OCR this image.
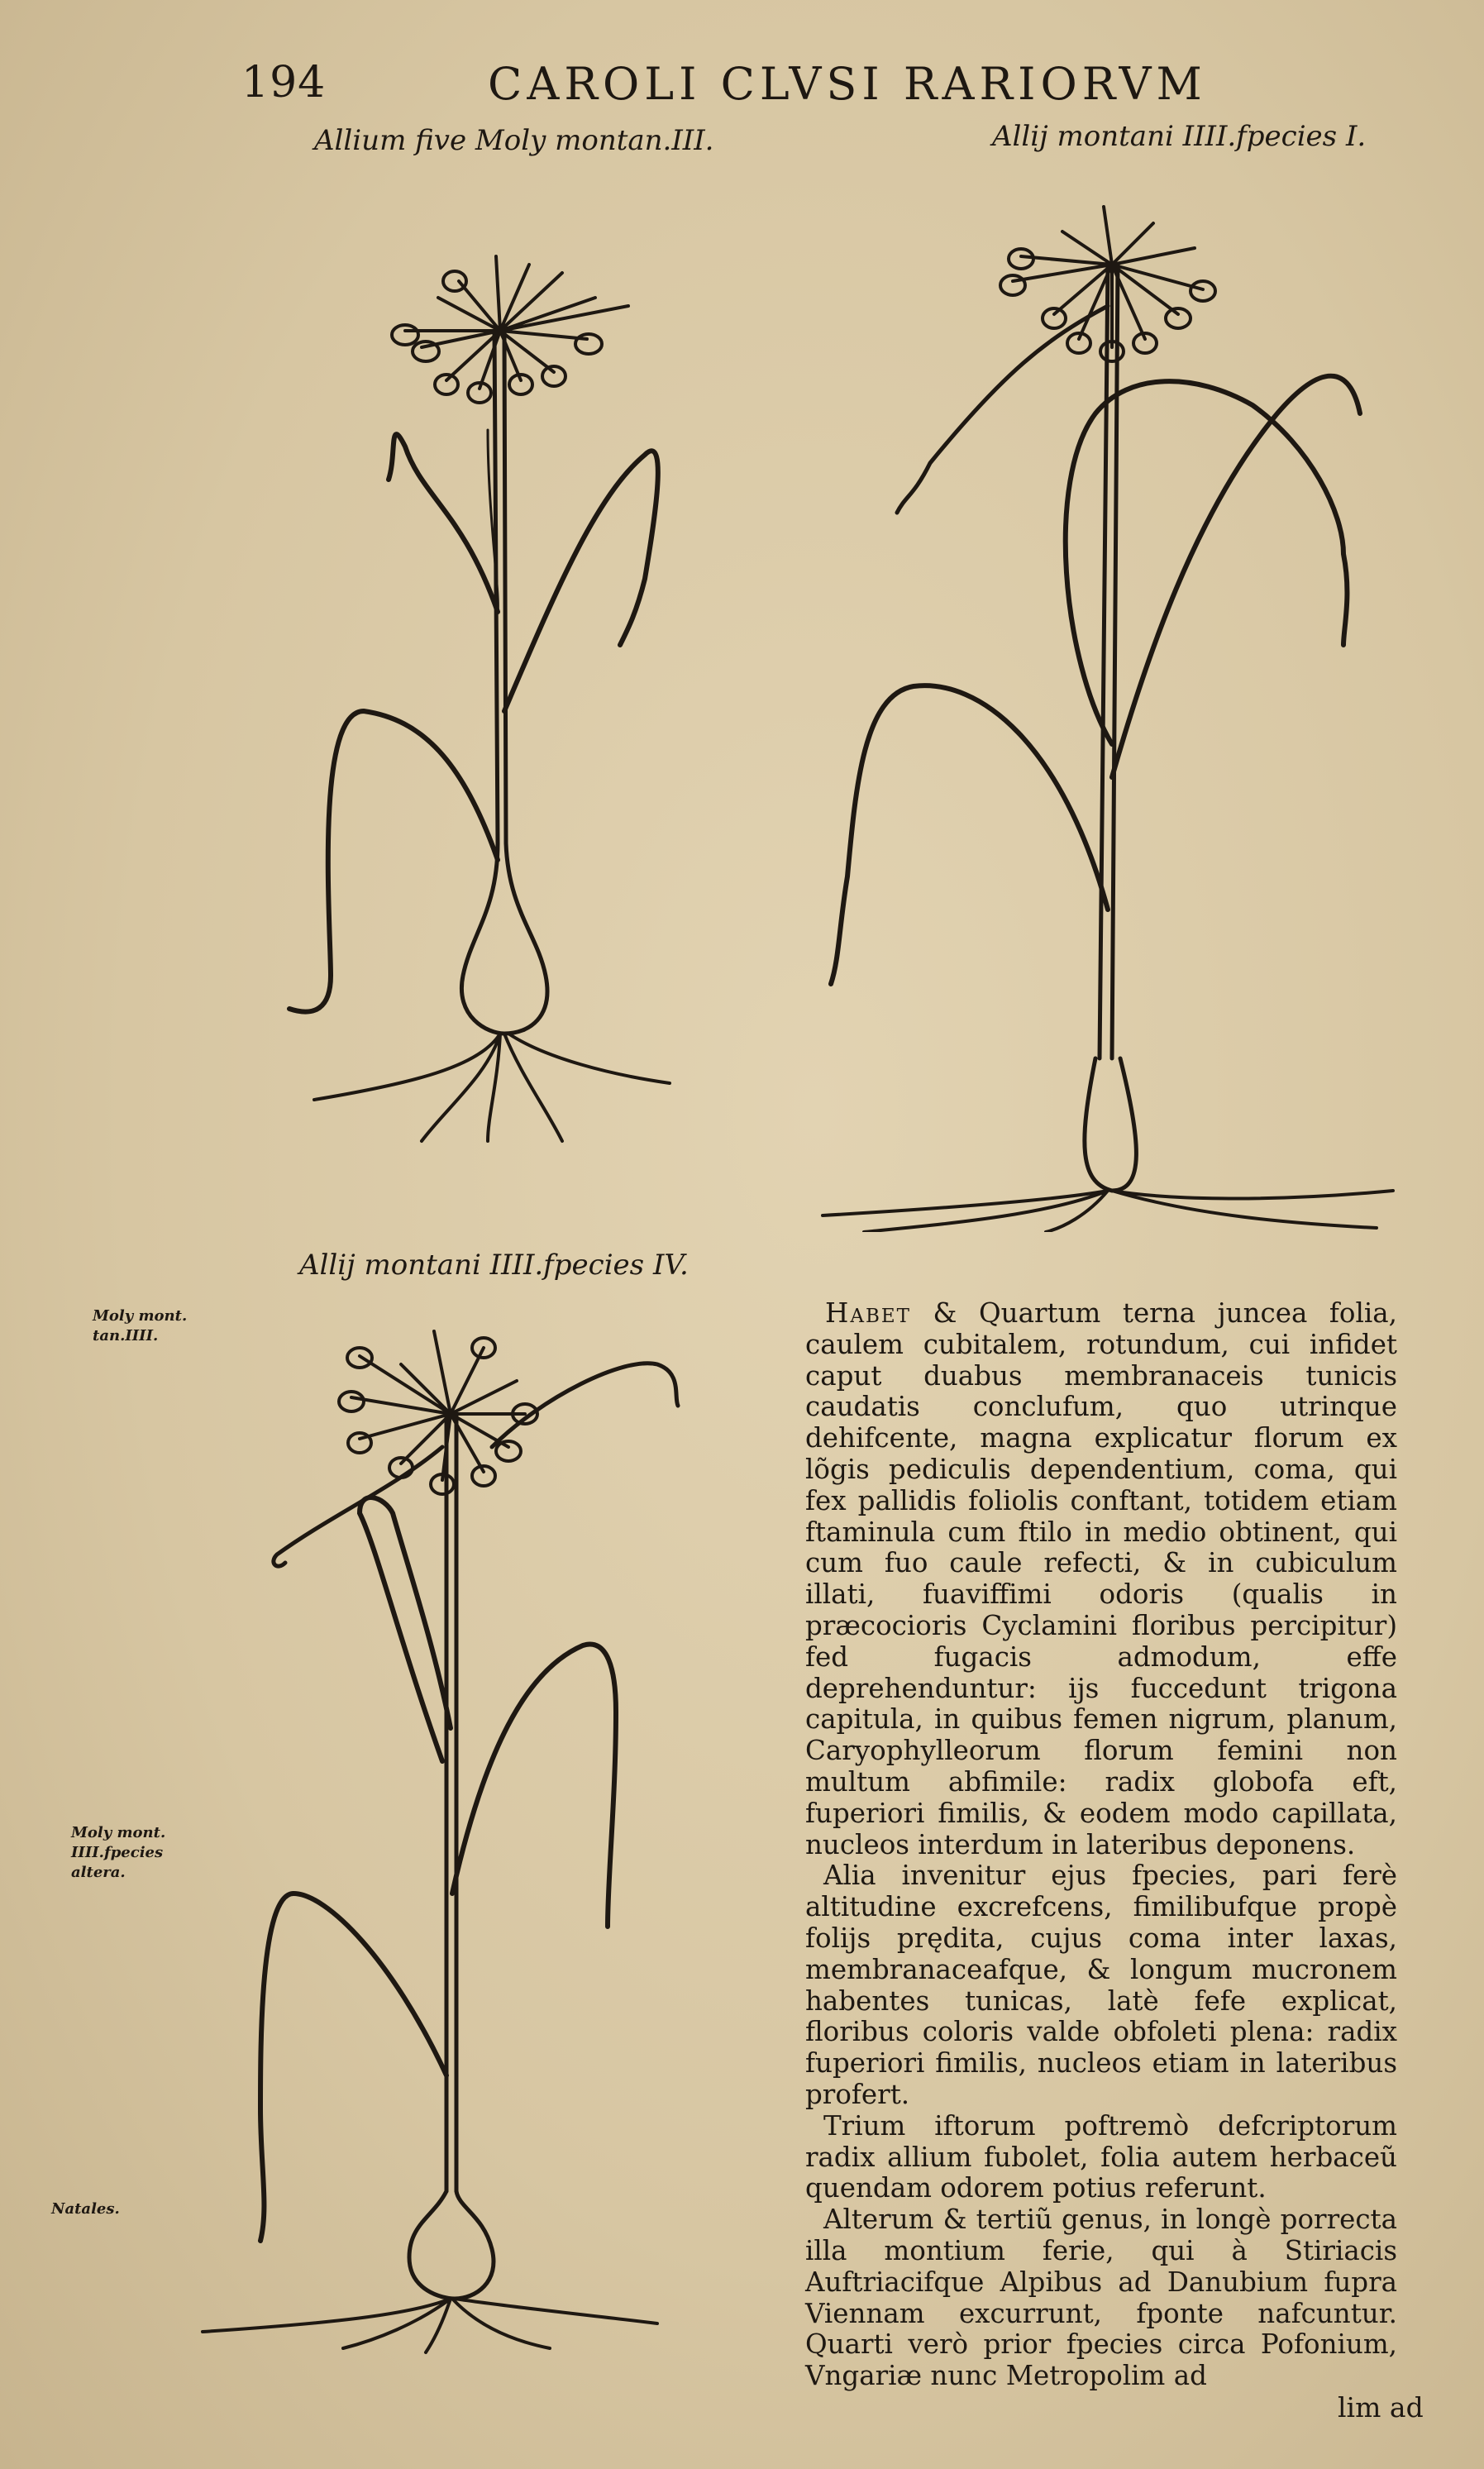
194	CAROLI CLVSI RARIORVM
Allium five Moly montan.III.	Allij montani IIII.fpecies I.
Allij montani IIII.fpecies IV.
Moly mont. tan.IIII.
Moly mont. IIII.fpecies altera.
Natales.

Habet & Quartum terna juncea folia, caulem cubitalem, rotundum, cui infidet caput duabus membranaceis tunicis caudatis conclufum, quo utrinque dehifcente, magna explicatur florum ex lõgis pediculis dependentium, coma, qui fex pallidis foliolis conftant, totidem etiam ftaminula cum ftilo in medio obtinent, qui cum fuo caule refecti, & in cubiculum illati, fuaviffimi odoris (qualis in præcocioris Cyclamini floribus percipitur) fed fugacis admodum, effe deprehenduntur: ijs fuccedunt trigona capitula, in quibus femen nigrum, planum, Caryophylleorum florum femini non multum abfimile: radix globofa eft, fuperiori fimilis, & eodem modo capillata, nucleos interdum in lateribus deponens.

Alia invenitur ejus fpecies, pari ferè altitudine excrefcens, fimilibufque propè folijs prędita, cujus coma inter laxas, membranaceafque, & longum mucronem habentes tunicas, latè fefe explicat, floribus coloris valde obfoleti plena: radix fuperiori fimilis, nucleos etiam in lateribus profert.

Trium iftorum poftremò defcriptorum radix allium fubolet, folia autem herbaceũ quendam odorem potius referunt.

Alterum & tertiũ genus, in longè porrecta illa montium ferie, qui à Stiriacis Auftriacifque Alpibus ad Danubium fupra Viennam excurrunt, fponte nafcuntur. Quarti verò prior fpecies circa Pofonium, Vngariæ nunc Metropolim ad

lim ad
